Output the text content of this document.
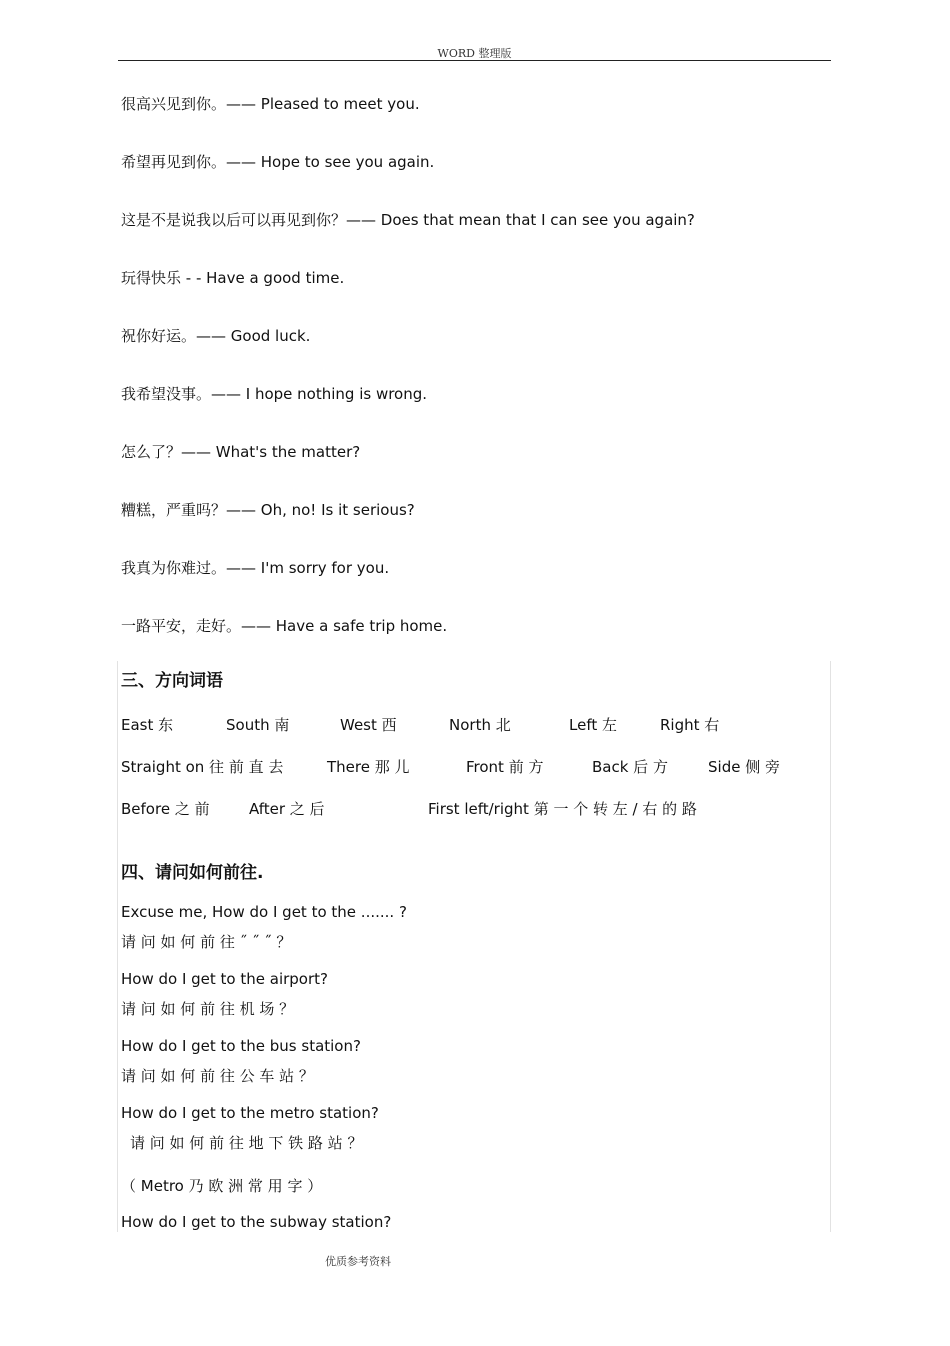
WORD 整理版
很高兴见到你。—— Pleased to meet you.
希望再见到你。—— Hope to see you again.
这是不是说我以后可以再见到你？—— Does that mean that I can see you again?
玩得快乐 - - Have a good time.
祝你好运。—— Good luck.
我希望没事。—— I hope nothing is wrong.
怎么了？—— What's the matter?
糟糕，严重吗？—— Oh, no! Is it serious?
我真为你难过。—— I'm sorry for you.
一路平安，走好。—— Have a safe trip home.
三、方向词语
East 东	South 南	West 西	North 北	Left 左	Right 右
Straight on 往 前 直 去	There 那 儿	Front 前 方	Back 后 方	Side 侧 旁
Before 之 前	After 之 后	First left/right 第 一 个 转 左 / 右 的 路
四、请问如何前往.
Excuse me, How do I get to the ....... ?
请 问 如 何 前 往 ˝ ˝ ˝ ？
How do I get to the airport?
请 问 如 何 前 往 机 场 ？
How do I get to the bus station?
请 问 如 何 前 往 公 车 站 ？
How do I get to the metro station?
请 问 如 何 前 往 地 下 铁 路 站 ？
（ Metro 乃 欧 洲 常 用 字 ）
How do I get to the subway station?
优质参考资料
